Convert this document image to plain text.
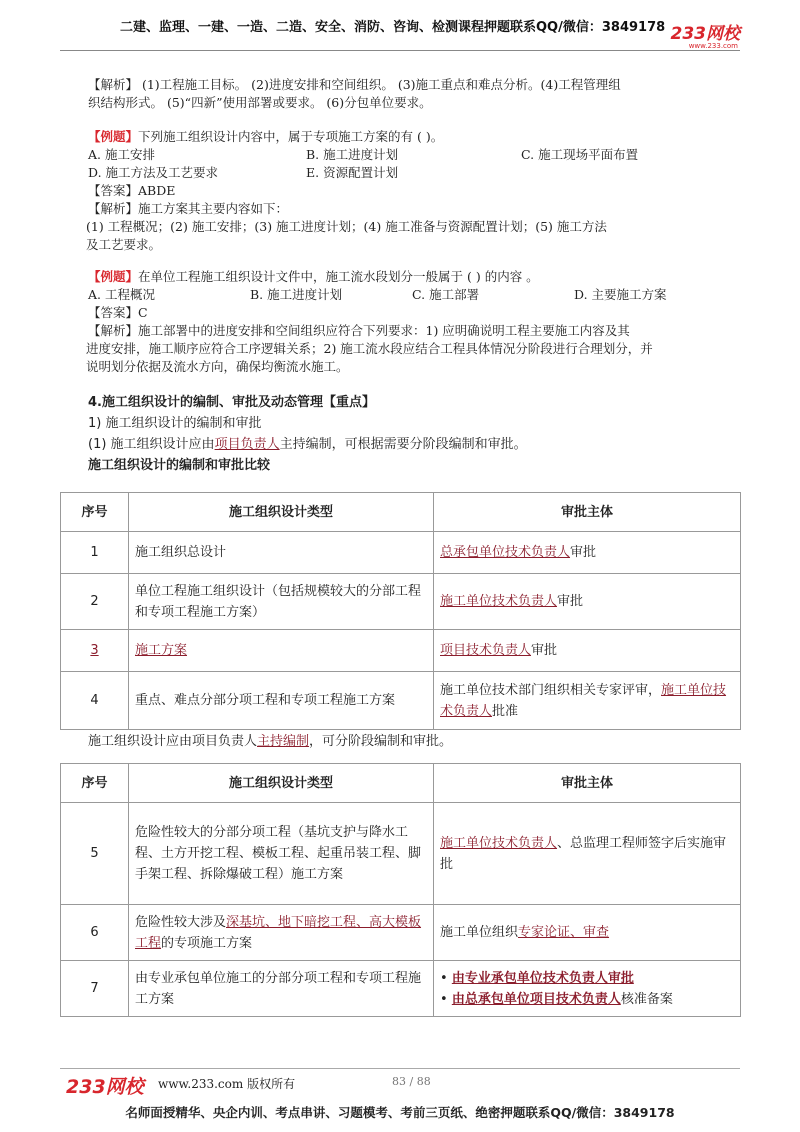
二建、监理、一建、一造、二造、安全、消防、咨询、检测课程押题联系QQ/微信：3849178 233网校
www.233.com
【解析】 (1)工程施工目标。 (2)进度安排和空间组织。 (3)施工重点和难点分析。(4)工程管理组
织结构形式。 (5)“四新”使用部署或要求。 (6)分包单位要求。
【例题】下列施工组织设计内容中，属于专项施工方案的有 ( )。
A. 施工安排	B. 施工进度计划	C. 施工现场平面布置
D. 施工方法及工艺要求	E. 资源配置计划
【答案】ABDE
【解析】施工方案其主要内容如下：
(1) 工程概况；(2) 施工安排；(3) 施工进度计划；(4) 施工准备与资源配置计划；(5) 施工方法
及工艺要求。
【例题】在单位工程施工组织设计文件中，施工流水段划分一般属于 ( ) 的内容 。
A. 工程概况	B. 施工进度计划	C. 施工部署	D. 主要施工方案
【答案】C
【解析】施工部署中的进度安排和空间组织应符合下列要求：1) 应明确说明工程主要施工内容及其
进度安排，施工顺序应符合工序逻辑关系；2) 施工流水段应结合工程具体情况分阶段进行合理划分，并
说明划分依据及流水方向，确保均衡流水施工。
4.施工组织设计的编制、审批及动态管理【重点】
1) 施工组织设计的编制和审批
(1) 施工组织设计应由项目负责人主持编制，可根据需要分阶段编制和审批。
施工组织设计的编制和审批比较
序号	施工组织设计类型	审批主体
1	施工组织总设计	总承包单位技术负责人审批
2	单位工程施工组织设计（包括规模较大的分部工程和专项工程施工方案）	施工单位技术负责人审批
3	施工方案	项目技术负责人审批
4	重点、难点分部分项工程和专项工程施工方案	施工单位技术部门组织相关专家评审，施工单位技术负责人批准
施工组织设计应由项目负责人主持编制，可分阶段编制和审批。
序号	施工组织设计类型	审批主体
5	危险性较大的分部分项工程（基坑支护与降水工程、土方开挖工程、模板工程、起重吊装工程、脚手架工程、拆除爆破工程）施工方案	施工单位技术负责人、总监理工程师签字后实施审批
6	危险性较大涉及深基坑、地下暗挖工程、高大模板工程的专项施工方案	施工单位组织专家论证、审查
7	由专业承包单位施工的分部分项工程和专项工程施工方案	• 由专业承包单位技术负责人审批
• 由总承包单位项目技术负责人核准备案
233网校 www.233.com 版权所有	83 / 88
名师面授精华、央企内训、考点串讲、习题模考、考前三页纸、绝密押题联系QQ/微信：3849178
